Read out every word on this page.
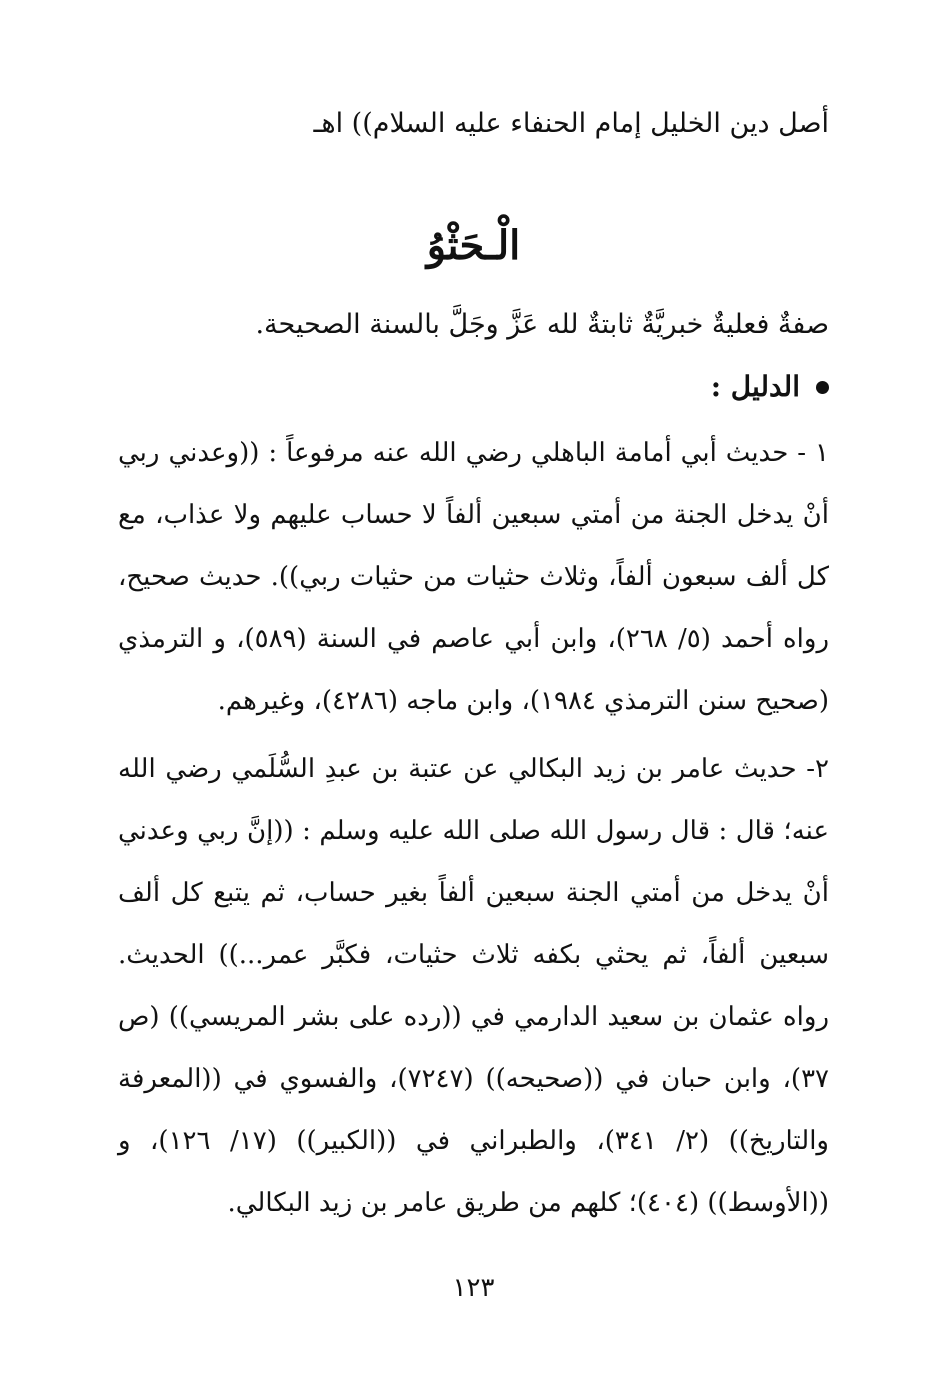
أصل دين الخليل إمام الحنفاء عليه السلام)) اهـ
الْـحَثْوُ
صفةٌ فعليةٌ خبريَّةٌ ثابتةٌ لله عَزَّ وجَلَّ بالسنة الصحيحة.
الدليل :
١ - حديث أبي أمامة الباهلي رضي الله عنه مرفوعاً : ((وعدني ربي أنْ يدخل الجنة من أمتي سبعين ألفاً لا حساب عليهم ولا عذاب، مع كل ألف سبعون ألفاً، وثلاث حثيات من حثيات ربي)). حديث صحيح، رواه أحمد (٥/ ٢٦٨)، وابن أبي عاصم في السنة (٥٨٩)، و الترمذي (صحيح سنن الترمذي ١٩٨٤)، وابن ماجه (٤٢٨٦)، وغيرهم.
٢- حديث عامر بن زيد البكالي عن عتبة بن عبدِ السُّلَمي رضي الله عنه؛ قال : قال رسول الله صلى الله عليه وسلم : ((إنَّ ربي وعدني أنْ يدخل من أمتي الجنة سبعين ألفاً بغير حساب، ثم يتبع كل ألف سبعين ألفاً، ثم يحثي بكفه ثلاث حثيات، فكبَّر عمر...)) الحديث. رواه عثمان بن سعيد الدارمي في ((رده على بشر المريسي)) (ص ٣٧)، وابن حبان في ((صحيحه)) (٧٢٤٧)، والفسوي في ((المعرفة والتاريخ)) (٢/ ٣٤١)، والطبراني في ((الكبير)) (١٧/ ١٢٦)، و ((الأوسط)) (٤٠٤)؛ كلهم من طريق عامر بن زيد البكالي.
١٢٣
